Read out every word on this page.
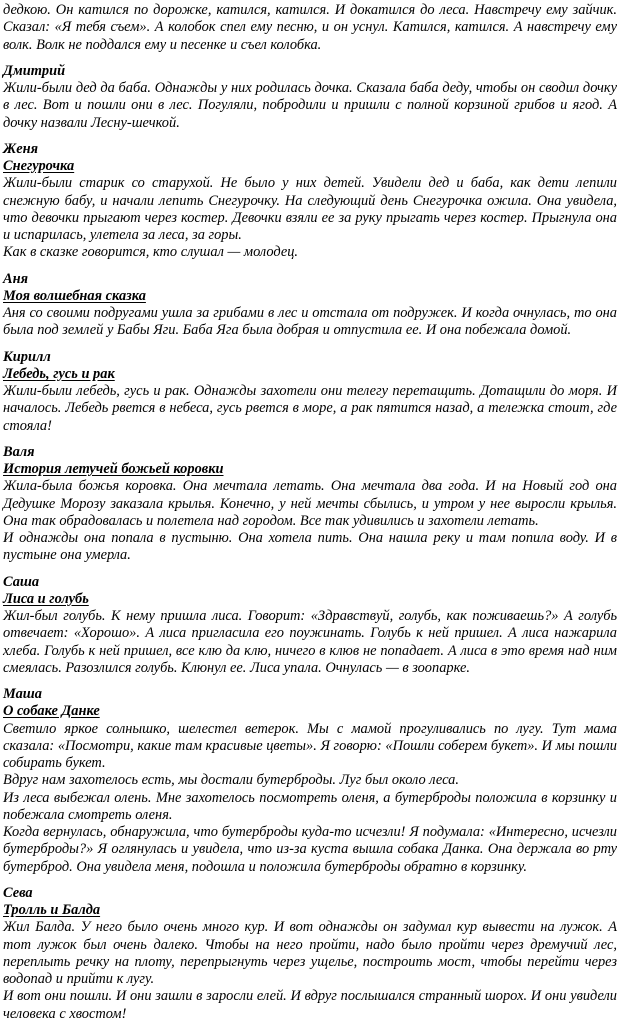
дедкою. Он катился по дорожке, катился, катился. И докатился до леса. Навстречу ему зайчик. Сказал: «Я тебя съем». А колобок спел ему песню, и он уснул. Катился, катился. А навстречу ему волк. Волк не поддался ему и песенке и съел колобка.

Дмитрий

Жили-были дед да баба. Однажды у них родилась дочка. Сказала баба деду, чтобы он сводил дочку в лес. Вот и пошли они в лес. Погуляли, побродили и пришли с полной корзиной грибов и ягод. А дочку назвали Лесну-шечкой.

Женя
Снегурочка

Жили-были старик со старухой. Не было у них детей. Увидели дед и баба, как дети лепили снежную бабу, и начали лепить Снегурочку. На следующий день Снегурочка ожила. Она увидела, что девочки прыгают через костер. Девочки взяли ее за руку прыгать через костер. Прыгнула она и испарилась, улетела за леса, за горы.

Как в сказке говорится, кто слушал — молодец.

Аня
Моя волшебная сказка

Аня со своими подругами ушла за грибами в лес и отстала от подружек. И когда очнулась, то она была под землей у Бабы Яги. Баба Яга была добрая и отпустила ее. И она побежала домой.

Кирилл
Лебедь, гусь и рак

Жили-были лебедь, гусь и рак. Однажды захотели они телегу перетащить. Дотащили до моря. И началось. Лебедь рвется в небеса, гусь рвется в море, а рак пятится назад, а тележка стоит, где стояла!

Валя
История летучей божьей коровки

Жила-была божья коровка. Она мечтала летать. Она мечтала два года. И на Новый год она Дедушке Морозу заказала крылья. Конечно, у ней мечты сбылись, и утром у нее выросли крылья. Она так обрадовалась и полетела над городом. Все так удивились и захотели летать.

И однажды она попала в пустыню. Она хотела пить. Она нашла реку и там попила воду. И в пустыне она умерла.

Саша
Лиса и голубь

Жил-был голубь. К нему пришла лиса. Говорит: «Здравствуй, голубь, как поживаешь?» А голубь отвечает: «Хорошо». А лиса пригласила его поужинать. Голубь к ней пришел. А лиса нажарила хлеба. Голубь к ней пришел, все клю да клю, ничего в клюв не попадает. А лиса в это время над ним смеялась. Разозлился голубь. Клюнул ее. Лиса упала. Очнулась — в зоопарке.

Маша
О собаке Данке

Светило яркое солнышко, шелестел ветерок. Мы с мамой прогуливались по лугу. Тут мама сказала: «Посмотри, какие там красивые цветы». Я говорю: «Пошли соберем букет». И мы пошли собирать букет.

Вдруг нам захотелось есть, мы достали бутерброды. Луг был около леса.

Из леса выбежал олень. Мне захотелось посмотреть оленя, а бутерброды положила в корзинку и побежала смотреть оленя.

Когда вернулась, обнаружила, что бутерброды куда-то исчезли! Я подумала: «Интересно, исчезли бутерброды?» Я оглянулась и увидела, что из-за куста вышла собака Данка. Она держала во рту бутерброд. Она увидела меня, подошла и положила бутерброды обратно в корзинку.

Сева
Тролль и Балда

Жил Балда. У него было очень много кур. И вот однажды он задумал кур вывести на лужок. А тот лужок был очень далеко. Чтобы на него пройти, надо было пройти через дремучий лес, переплыть речку на плоту, перепрыгнуть через ущелье, построить мост, чтобы перейти через водопад и прийти к лугу.

И вот они пошли. И они зашли в заросли елей. И вдруг послышался странный шорох. И они увидели человека с хвостом!
